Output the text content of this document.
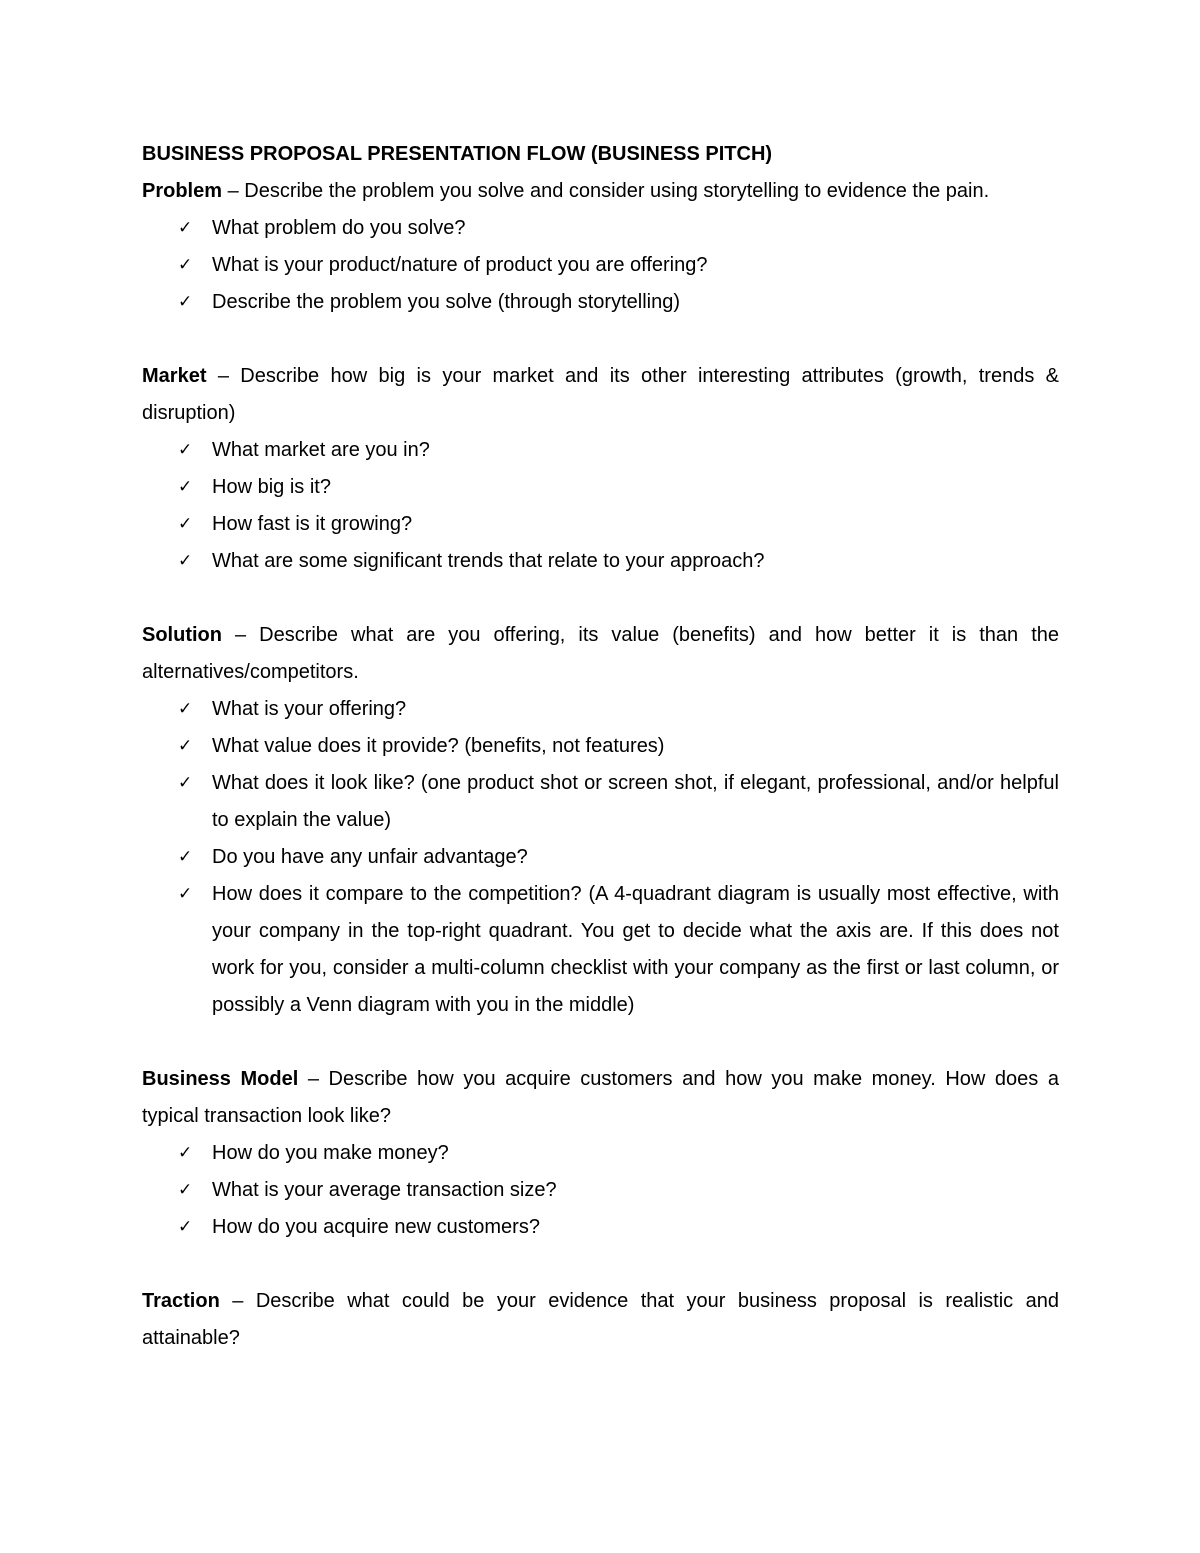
BUSINESS PROPOSAL PRESENTATION FLOW (BUSINESS PITCH)

Problem – Describe the problem you solve and consider using storytelling to evidence the pain.

✓ What problem do you solve?
✓ What is your product/nature of product you are offering?
✓ Describe the problem you solve (through storytelling)

Market – Describe how big is your market and its other interesting attributes (growth, trends & disruption)

✓ What market are you in?
✓ How big is it?
✓ How fast is it growing?
✓ What are some significant trends that relate to your approach?

Solution – Describe what are you offering, its value (benefits) and how better it is than the alternatives/competitors.

✓ What is your offering?
✓ What value does it provide? (benefits, not features)
✓ What does it look like? (one product shot or screen shot, if elegant, professional, and/or helpful to explain the value)
✓ Do you have any unfair advantage?
✓ How does it compare to the competition? (A 4-quadrant diagram is usually most effective, with your company in the top-right quadrant. You get to decide what the axis are. If this does not work for you, consider a multi-column checklist with your company as the first or last column, or possibly a Venn diagram with you in the middle)

Business Model – Describe how you acquire customers and how you make money. How does a typical transaction look like?

✓ How do you make money?
✓ What is your average transaction size?
✓ How do you acquire new customers?

Traction – Describe what could be your evidence that your business proposal is realistic and attainable?
